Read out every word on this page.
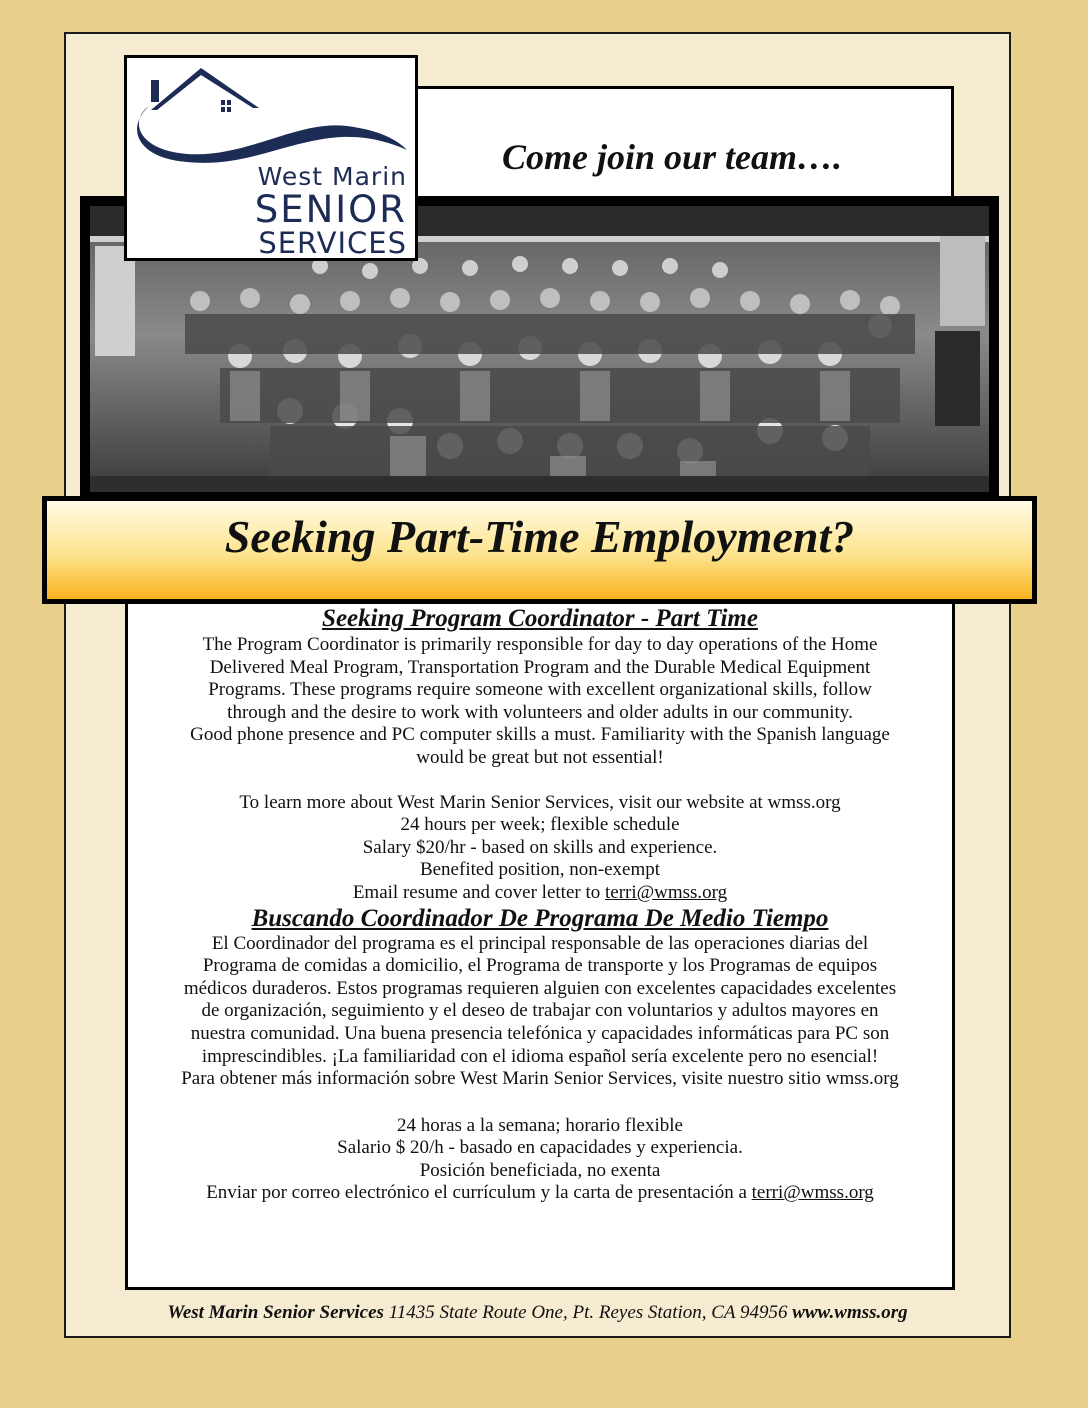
Come join our team….

West Marin

SENIOR

SERVICES

Seeking Part-Time Employment?

Seeking Program Coordinator - Part Time

The Program Coordinator is primarily responsible for day to day operations of the Home

Delivered Meal Program, Transportation Program and the Durable Medical Equipment

Programs. These programs require someone with excellent organizational skills, follow

through and the desire to work with volunteers and older adults in our community.

Good phone presence and PC computer skills a must. Familiarity with the Spanish language

would be great but not essential!

To learn more about West Marin Senior Services, visit our website at wmss.org

24 hours per week; flexible schedule

Salary $20/hr - based on skills and experience.

Benefited position, non-exempt

Email resume and cover letter to terri@wmss.org

Buscando Coordinador De Programa De Medio Tiempo

El Coordinador del programa es el principal responsable de las operaciones diarias del

Programa de comidas a domicilio, el Programa de transporte y los Programas de equipos

médicos duraderos. Estos programas requieren alguien con excelentes capacidades excelentes

de organización, seguimiento y el deseo de trabajar con voluntarios y adultos mayores en

nuestra comunidad. Una buena presencia telefónica y capacidades informáticas para PC son

imprescindibles. ¡La familiaridad con el idioma español sería excelente pero no esencial!

Para obtener más información sobre West Marin Senior Services, visite nuestro sitio wmss.org

24 horas a la semana; horario flexible

Salario $ 20/h - basado en capacidades y experiencia.

Posición beneficiada, no exenta

Enviar por correo electrónico el currículum y la carta de presentación a terri@wmss.org

West Marin Senior Services 11435 State Route One, Pt. Reyes Station, CA 94956 www.wmss.org
